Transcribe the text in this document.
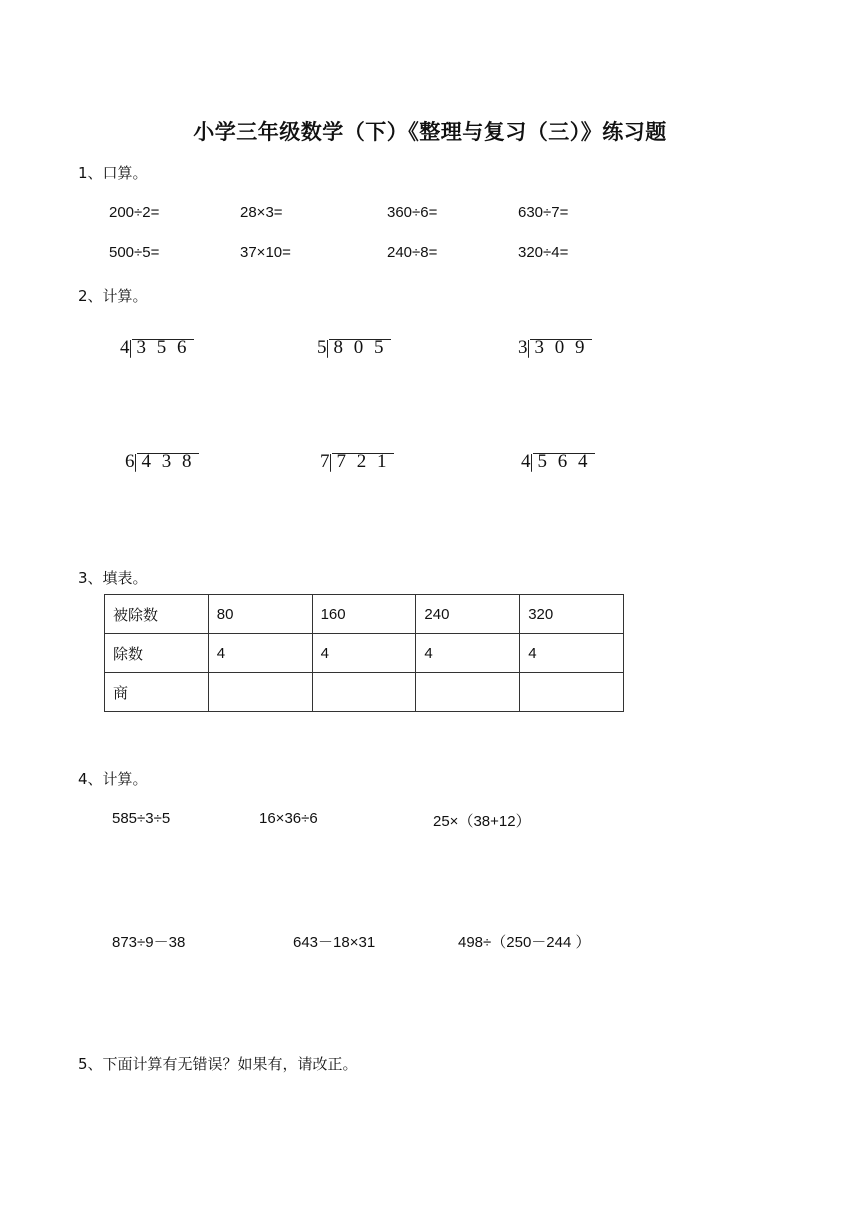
小学三年级数学（下）《整理与复习（三）》练习题
1、口算。
200÷2=	28×3=	360÷6=	630÷7=
500÷5=	37×10=	240÷8=	320÷4=
2、计算。
4 3 5 6	5 8 0 5	3 3 0 9
6 4 3 8	7 7 2 1	4 5 6 4
3、填表。
被除数	80	160	240	320
除数	4	4	4	4
商				
4、计算。
585÷3÷5	16×36÷6	25×（38+12）
873÷9－38	643－18×31	498÷（250－244 ）
5、下面计算有无错误？如果有，请改正。
